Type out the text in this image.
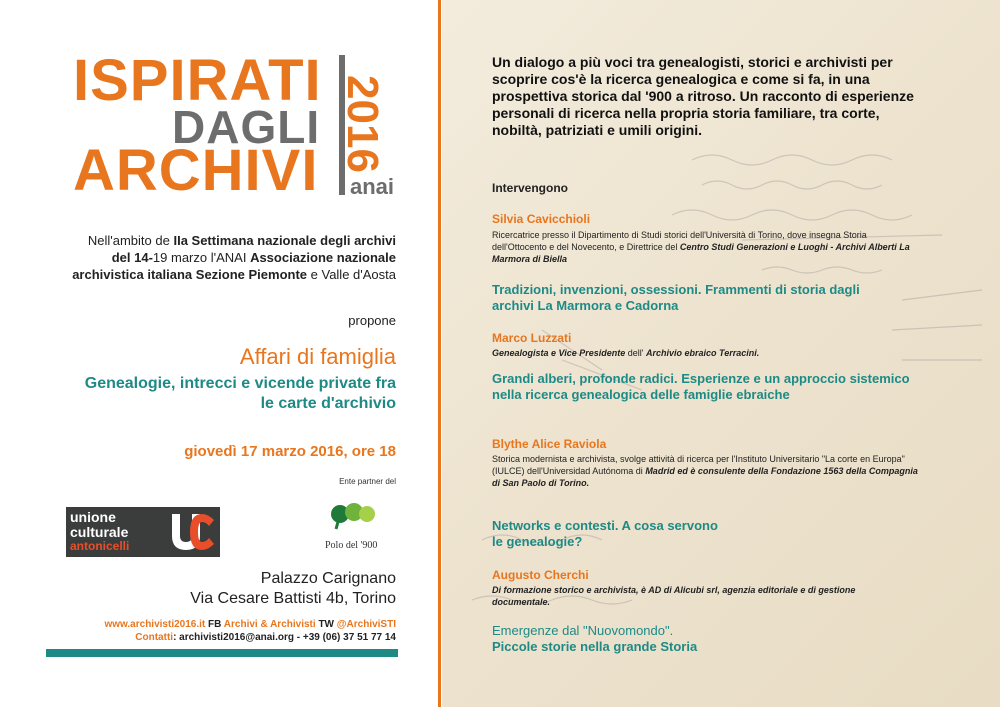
ISPIRATI
DAGLI
ARCHIVI 2016
anai
Nell'ambito de IIa Settimana nazionale degli archivi del 14-19 marzo l'ANAI Associazione nazionale archivistica italiana Sezione Piemonte e Valle d'Aosta
propone
Affari di famiglia
Genealogie, intrecci e vicende private fra le carte d'archivio
giovedì 17 marzo 2016, ore 18
Ente partner del
unione
culturale
antonicelli	Polo del '900
Palazzo Carignano
Via Cesare Battisti 4b, Torino
www.archivisti2016.it FB Archivi & Archivisti TW @ArchiviSTI
Contatti: archivisti2016@anai.org - +39 (06) 37 51 77 14
Un dialogo a più voci tra genealogisti, storici e archivisti per scoprire cos'è la ricerca genealogica e come si fa, in una prospettiva storica dal '900 a ritroso. Un racconto di esperienze personali di ricerca nella propria storia familiare, tra corte, nobiltà, patriziati e umili origini.
Intervengono
Silvia Cavicchioli
Ricercatrice presso il Dipartimento di Studi storici dell'Università di Torino, dove insegna Storia dell'Ottocento e del Novecento, e Direttrice del Centro Studi Generazioni e Luoghi - Archivi Alberti La Marmora di Biella
Tradizioni, invenzioni, ossessioni. Frammenti di storia dagli archivi La Marmora e Cadorna
Marco Luzzati
Genealogista e Vice Presidente dell' Archivio ebraico Terracini.
Grandi alberi, profonde radici. Esperienze e un approccio sistemico nella ricerca genealogica delle famiglie ebraiche
Blythe Alice Raviola
Storica modernista e archivista, svolge attività di ricerca per l'Instituto Universitario "La corte en Europa" (IULCE) dell'Universidad Autónoma di Madrid ed è consulente della Fondazione 1563 della Compagnia di San Paolo di Torino.
Networks e contesti. A cosa servono le genealogie?
Augusto Cherchi
Di formazione storico e archivista, è AD di Alicubi srl, agenzia editoriale e di gestione documentale.
Emergenze dal "Nuovomondo".
Piccole storie nella grande Storia
